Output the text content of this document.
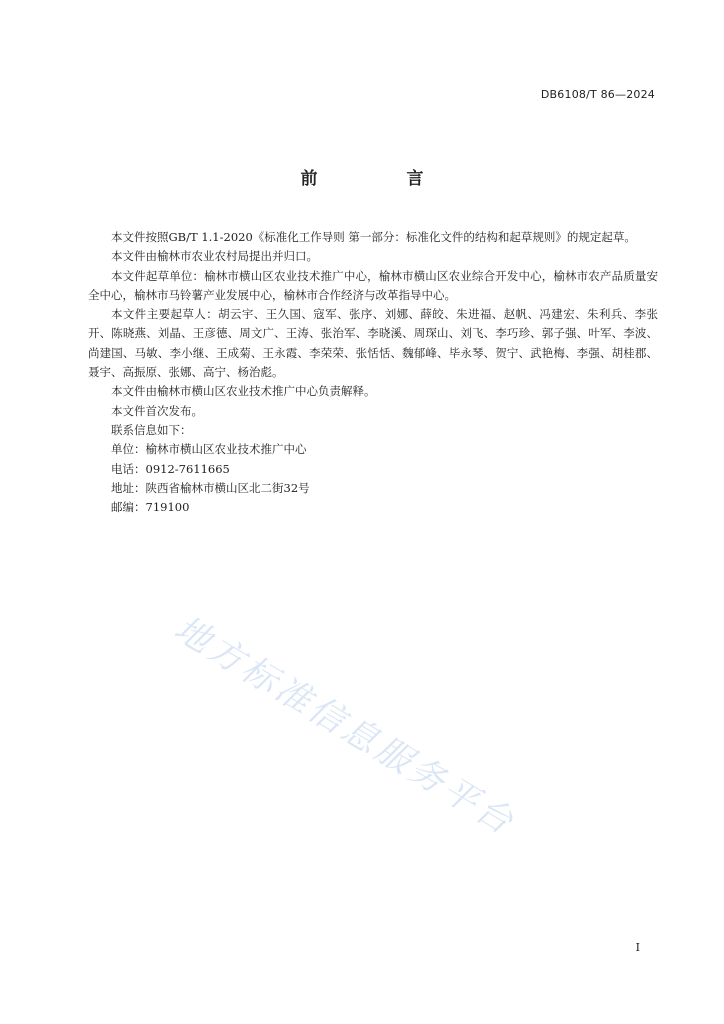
DB6108/T 86—2024
前　言

本文件按照GB/T 1.1-2020《标准化工作导则 第一部分：标准化文件的结构和起草规则》的规定起草。

本文件由榆林市农业农村局提出并归口。

本文件起草单位：榆林市横山区农业技术推广中心，榆林市横山区农业综合开发中心，榆林市农产品质量安全中心，榆林市马铃薯产业发展中心，榆林市合作经济与改革指导中心。

本文件主要起草人：胡云宇、王久国、寇军、张序、刘娜、薛皎、朱进福、赵帆、冯建宏、朱利兵、李张开、陈晓燕、刘晶、王彦德、周文广、王涛、张治军、李晓溪、周琛山、刘飞、李巧珍、郭子强、叶军、李波、尚建国、马敏、李小继、王成菊、王永霞、李荣荣、张恬恬、魏郁峰、毕永琴、贺宁、武艳梅、李强、胡桂郡、聂宇、高振原、张娜、高宁、杨治彪。

本文件由榆林市横山区农业技术推广中心负责解释。

本文件首次发布。

联系信息如下：

单位：榆林市横山区农业技术推广中心

电话：0912-7611665

地址：陕西省榆林市横山区北二街32号

邮编：719100

地方标准信息服务平台
I
